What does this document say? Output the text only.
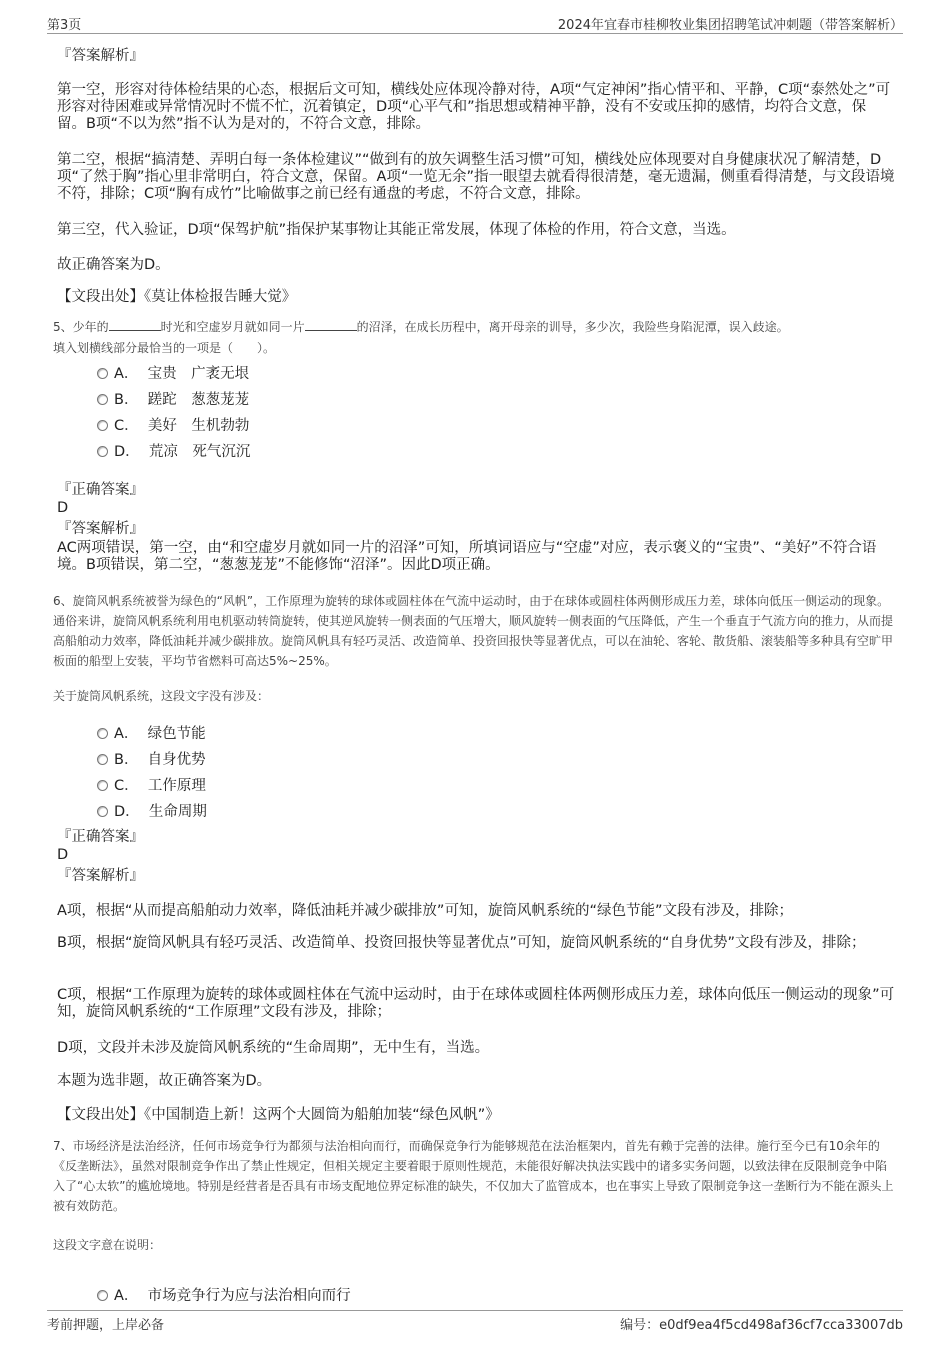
第3页	2024年宜春市桂柳牧业集团招聘笔试冲刺题（带答案解析）
『答案解析』
第一空，形容对待体检结果的心态，根据后文可知，横线处应体现冷静对待，A项“气定神闲”指心情平和、平静，C项“泰然处之”可形容对待困难或异常情况时不慌不忙，沉着镇定，D项“心平气和”指思想或精神平静，没有不安或压抑的感情，均符合文意，保留。B项“不以为然”指不认为是对的，不符合文意，排除。
第二空，根据“搞清楚、弄明白每一条体检建议”“做到有的放矢调整生活习惯”可知，横线处应体现要对自身健康状况了解清楚，D项“了然于胸”指心里非常明白，符合文意，保留。A项“一览无余”指一眼望去就看得很清楚，毫无遗漏，侧重看得清楚，与文段语境不符，排除；C项“胸有成竹”比喻做事之前已经有通盘的考虑，不符合文意，排除。
第三空，代入验证，D项“保驾护航”指保护某事物让其能正常发展，体现了体检的作用，符合文意，当选。
故正确答案为D。
【文段出处】《莫让体检报告睡大觉》
5、少年的	时光和空虚岁月就如同一片	的沼泽，在成长历程中，离开母亲的训导，多少次，我险些身陷泥潭，误入歧途。
填入划横线部分最恰当的一项是（　　）。
A． 宝贵　广袤无垠
B． 蹉跎　葱葱茏茏
C． 美好　生机勃勃
D． 荒凉　死气沉沉
『正确答案』
D
『答案解析』
AC两项错误，第一空，由“和空虚岁月就如同一片的沼泽”可知，所填词语应与“空虚”对应，表示褒义的“宝贵”、“美好”不符合语境。B项错误，第二空，“葱葱茏茏”不能修饰“沼泽”。因此D项正确。
6、旋筒风帆系统被誉为绿色的“风帆”，工作原理为旋转的球体或圆柱体在气流中运动时，由于在球体或圆柱体两侧形成压力差，球体向低压一侧运动的现象。通俗来讲，旋筒风帆系统利用电机驱动转筒旋转，使其逆风旋转一侧表面的气压增大，顺风旋转一侧表面的气压降低，产生一个垂直于气流方向的推力，从而提高船舶动力效率，降低油耗并减少碳排放。旋筒风帆具有轻巧灵活、改造简单、投资回报快等显著优点，可以在油轮、客轮、散货船、滚装船等多种具有空旷甲板面的船型上安装，平均节省燃料可高达5%~25%。
关于旋筒风帆系统，这段文字没有涉及：
A． 绿色节能
B． 自身优势
C． 工作原理
D． 生命周期
『正确答案』
D
『答案解析』
A项，根据“从而提高船舶动力效率，降低油耗并减少碳排放”可知，旋筒风帆系统的“绿色节能”文段有涉及，排除；
B项，根据“旋筒风帆具有轻巧灵活、改造简单、投资回报快等显著优点”可知，旋筒风帆系统的“自身优势”文段有涉及，排除；
C项，根据“工作原理为旋转的球体或圆柱体在气流中运动时，由于在球体或圆柱体两侧形成压力差，球体向低压一侧运动的现象”可知，旋筒风帆系统的“工作原理”文段有涉及，排除；
D项，文段并未涉及旋筒风帆系统的“生命周期”，无中生有，当选。
本题为选非题，故正确答案为D。
【文段出处】《中国制造上新！这两个大圆筒为船舶加装“绿色风帆”》
7、市场经济是法治经济，任何市场竞争行为都须与法治相向而行，而确保竞争行为能够规范在法治框架内，首先有赖于完善的法律。施行至今已有10余年的《反垄断法》，虽然对限制竞争作出了禁止性规定，但相关规定主要着眼于原则性规范，未能很好解决执法实践中的诸多实务问题，以致法律在反限制竞争中陷入了“心太软”的尴尬境地。特别是经营者是否具有市场支配地位界定标准的缺失，不仅加大了监管成本，也在事实上导致了限制竞争这一垄断行为不能在源头上被有效防范。
这段文字意在说明：
A． 市场竞争行为应与法治相向而行
考前押题，上岸必备	编号：e0df9ea4f5cd498af36cf7cca33007db
